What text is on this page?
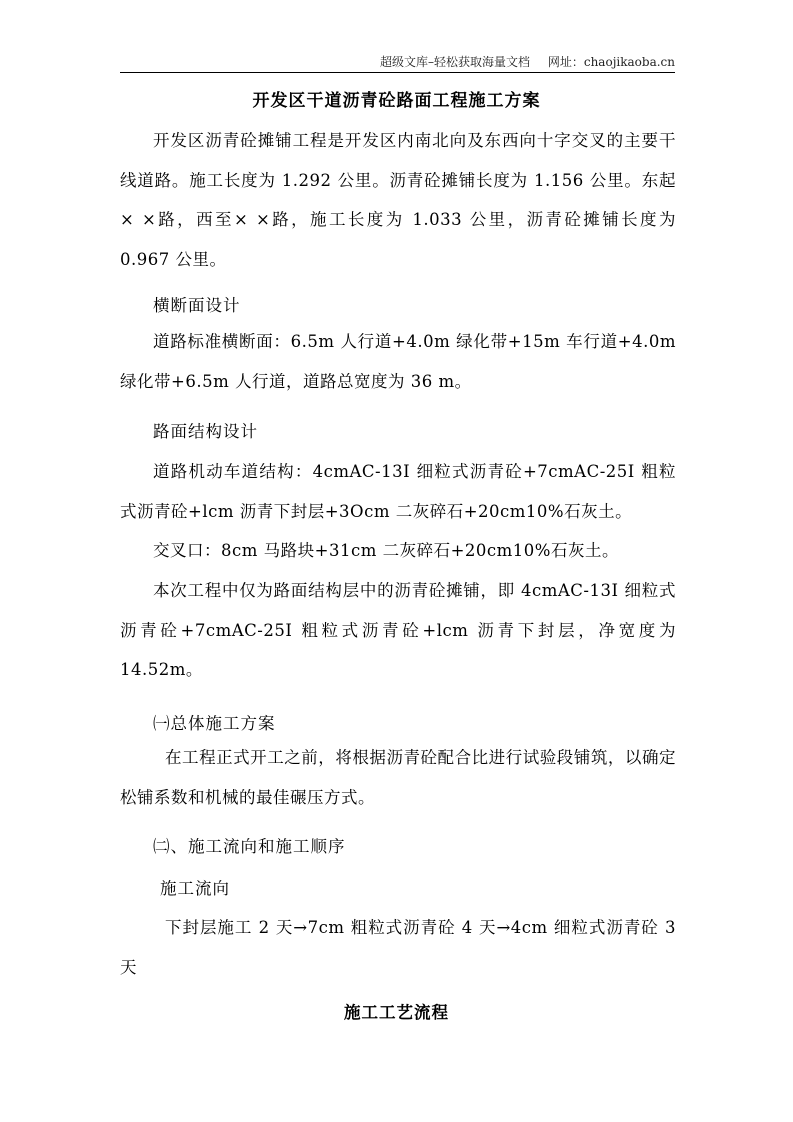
超级文库–轻松获取海量文档 网址：chaojikaoba.cn
开发区干道沥青砼路面工程施工方案
开发区沥青砼摊铺工程是开发区内南北向及东西向十字交叉的主要干线道路。施工长度为 1.292 公里。沥青砼摊铺长度为 1.156 公里。东起× ×路，西至× ×路，施工长度为 1.033 公里，沥青砼摊铺长度为 0.967 公里。
横断面设计
道路标准横断面：6.5m 人行道+4.0m 绿化带+15m 车行道+4.0m 绿化带+6.5m 人行道，道路总宽度为 36 m。
路面结构设计
道路机动车道结构：4cmAC-13I 细粒式沥青砼+7cmAC-25I 粗粒式沥青砼+lcm 沥青下封层+3Ocm 二灰碎石+20cm10%石灰土。
交叉口：8cm 马路块+31cm 二灰碎石+20cm10%石灰土。
本次工程中仅为路面结构层中的沥青砼摊铺，即 4cmAC-13I 细粒式沥青砼+7cmAC-25I 粗粒式沥青砼+lcm 沥青下封层，净宽度为 14.52m。
㈠总体施工方案
在工程正式开工之前，将根据沥青砼配合比进行试验段铺筑，以确定松铺系数和机械的最佳碾压方式。
㈡、施工流向和施工顺序
施工流向
下封层施工 2 天→7cm 粗粒式沥青砼 4 天→4cm 细粒式沥青砼 3 天
施工工艺流程
